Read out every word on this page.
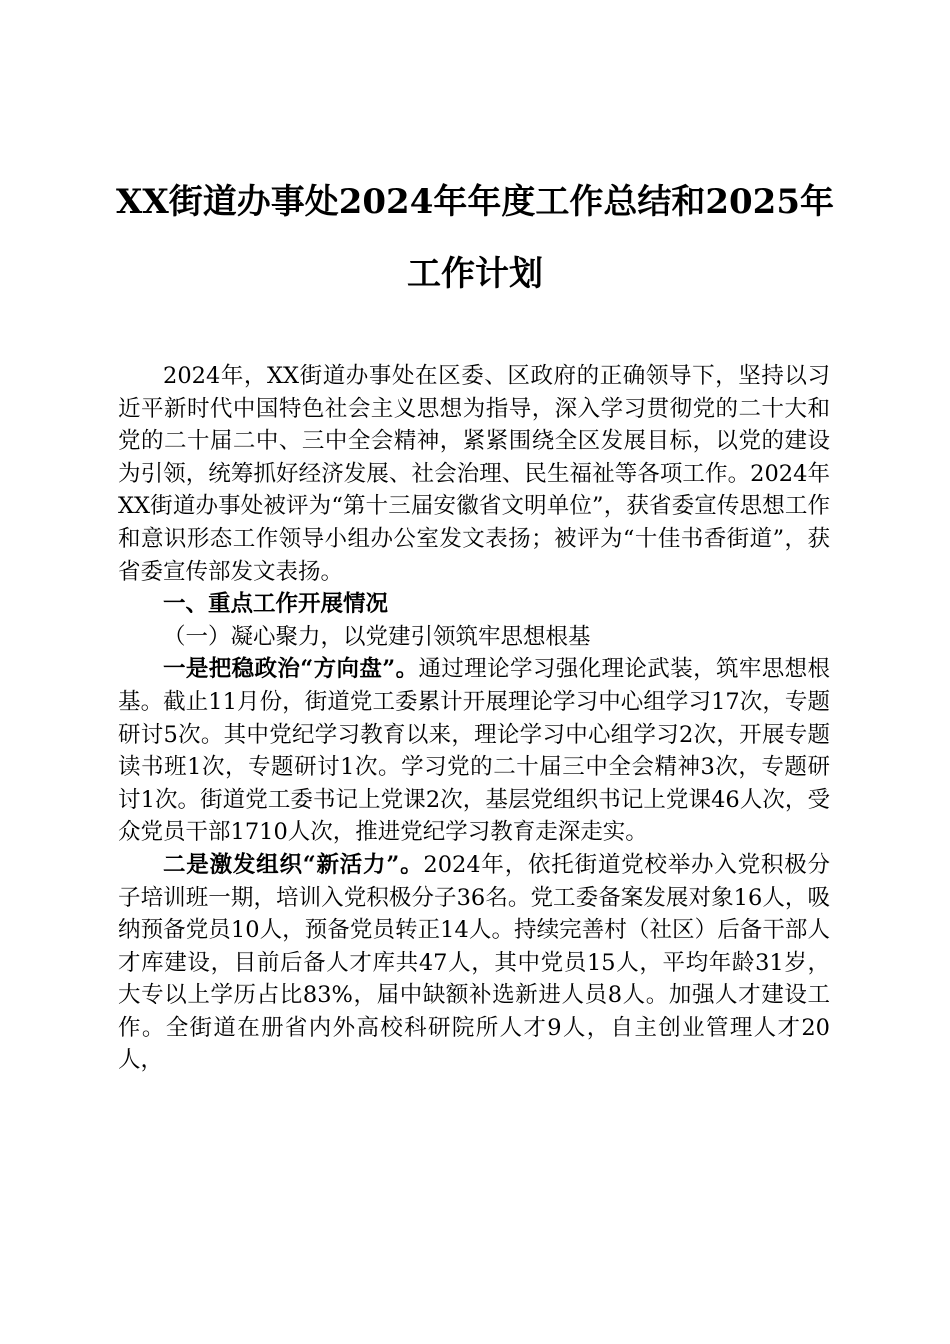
XX街道办事处2024年年度工作总结和2025年工作计划

2024年，XX街道办事处在区委、区政府的正确领导下，坚持以习近平新时代中国特色社会主义思想为指导，深入学习贯彻党的二十大和党的二十届二中、三中全会精神，紧紧围绕全区发展目标，以党的建设为引领，统筹抓好经济发展、社会治理、民生福祉等各项工作。2024年XX街道办事处被评为“第十三届安徽省文明单位”，获省委宣传思想工作和意识形态工作领导小组办公室发文表扬；被评为“十佳书香街道”，获省委宣传部发文表扬。

一、重点工作开展情况

（一）凝心聚力，以党建引领筑牢思想根基

一是把稳政治“方向盘”。通过理论学习强化理论武装，筑牢思想根基。截止11月份，街道党工委累计开展理论学习中心组学习17次，专题研讨5次。其中党纪学习教育以来，理论学习中心组学习2次，开展专题读书班1次，专题研讨1次。学习党的二十届三中全会精神3次，专题研讨1次。街道党工委书记上党课2次，基层党组织书记上党课46人次，受众党员干部1710人次，推进党纪学习教育走深走实。

二是激发组织“新活力”。2024年，依托街道党校举办入党积极分子培训班一期，培训入党积极分子36名。党工委备案发展对象16人，吸纳预备党员10人，预备党员转正14人。持续完善村（社区）后备干部人才库建设，目前后备人才库共47人，其中党员15人，平均年龄31岁，大专以上学历占比83%，届中缺额补选新进人员8人。加强人才建设工作。全街道在册省内外高校科研院所人才9人，自主创业管理人才20人，
